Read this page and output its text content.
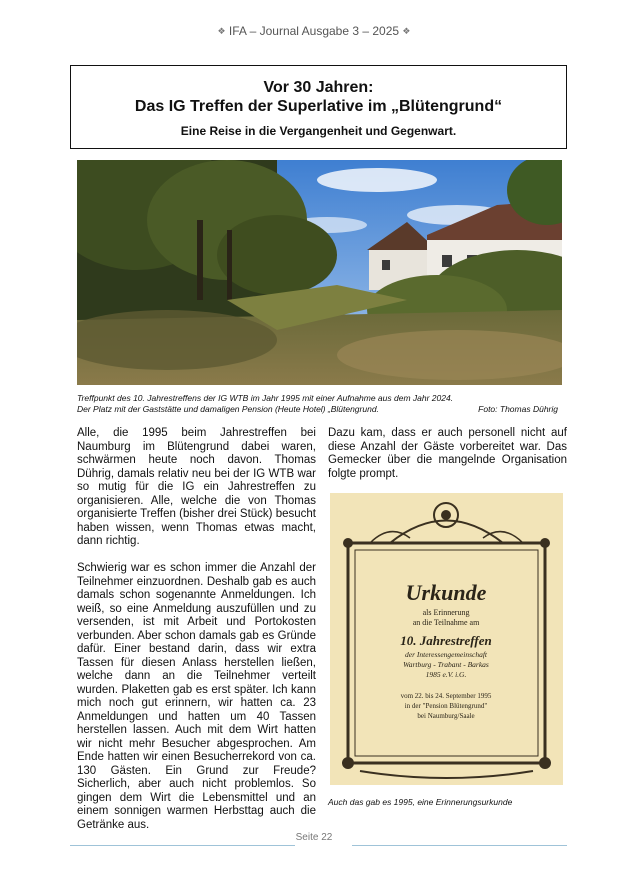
❖ IFA – Journal Ausgabe 3 – 2025 ❖
Vor 30 Jahren:
Das IG Treffen der Superlative im „Blütengrund“
Eine Reise in die Vergangenheit und Gegenwart.
Treffpunkt des 10. Jahrestreffens der IG WTB im Jahr 1995 mit einer Aufnahme aus dem Jahr 2024.
Der Platz mit der Gaststätte und damaligen Pension (Heute Hotel) „Blütengrund.	Foto: Thomas Dührig

Alle, die 1995 beim Jahrestreffen bei Naumburg im Blütengrund dabei waren, schwärmen heute noch davon. Thomas Dührig, damals relativ neu bei der IG WTB war so mutig für die IG ein Jahrestreffen zu organisieren. Alle, welche die von Thomas organisierte Treffen (bisher drei Stück) besucht haben wissen, wenn Thomas etwas macht, dann richtig.

Schwierig war es schon immer die Anzahl der Teilnehmer einzuordnen. Deshalb gab es auch damals schon sogenannte Anmeldungen. Ich weiß, so eine Anmeldung auszufüllen und zu versenden, ist mit Arbeit und Portokosten verbunden. Aber schon damals gab es Gründe dafür. Einer bestand darin, dass wir extra Tassen für diesen Anlass herstellen ließen, welche dann an die Teilnehmer verteilt wurden. Plaketten gab es erst später. Ich kann mich noch gut erinnern, wir hatten ca. 23 Anmeldungen und hatten um 40 Tassen herstellen lassen. Auch mit dem Wirt hatten wir nicht mehr Besucher abgesprochen. Am Ende hatten wir einen Besucherrekord von ca. 130 Gästen. Ein Grund zur Freude? Sicherlich, aber auch nicht problemlos. So gingen dem Wirt die Lebensmittel und an einem sonnigen warmen Herbsttag auch die Getränke aus.

Dazu kam, dass er auch personell nicht auf diese Anzahl der Gäste vorbereitet war. Das Gemecker über die mangelnde Organisation folgte prompt.

Urkunde
als Erinnerung
an die Teilnahme am
10. Jahrestreffen
der Interessengemeinschaft
Wartburg - Trabant - Barkas
1985 e.V. i.G.
vom 22. bis 24. September 1995
in der "Pension Blütengrund"
bei Naumburg/Saale
Auch das gab es 1995, eine Erinnerungsurkunde
Seite 22
